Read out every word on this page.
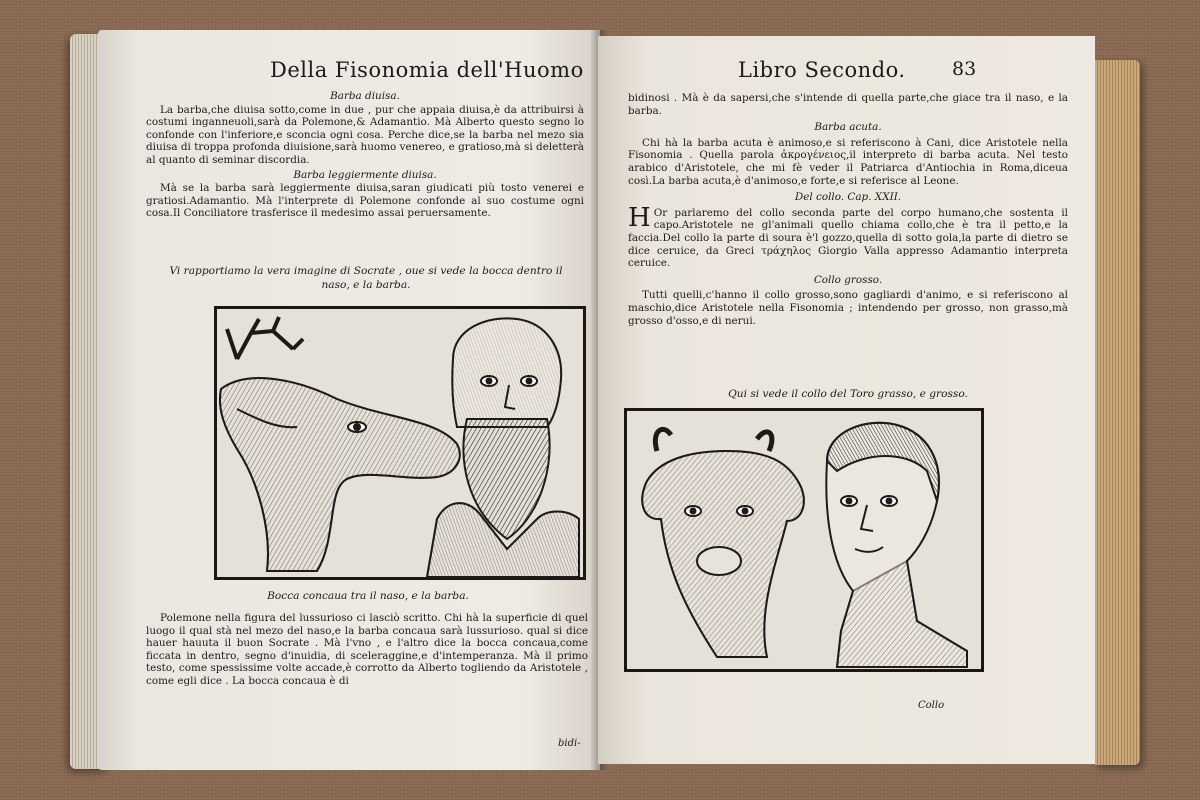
Della Fisonomia dell'Huomo
Barba diuisa.

La barba,che diuisa sotto,come in due , pur che appaia diuisa,è da attribuirsi à costumi inganneuoli,sarà da Polemone,& Adamantio. Mà Alberto questo segno lo confonde con l'inferiore,e sconcia ogni cosa. Perche dice,se la barba nel mezo sia diuisa di troppa profonda diuisione,sarà huomo venereo, e gratioso,mà si deletterà al quanto di seminar discordia.

Barba leggiermente diuisa.

Mà se la barba sarà leggiermente diuisa,saran giudicati più tosto venerei e gratiosi.Adamantio. Mà l'interprete di Polemone confonde al suo costume ogni cosa.Il Conciliatore trasferisce il medesimo assai peruersamente.

Vi rapportiamo la vera imagine di Socrate , oue si vede la bocca dentro il naso, e la barba.
Bocca concaua tra il naso, e la barba.

Polemone nella figura del lussurioso ci lasciò scritto. Chi hà la superficie di quel luogo il qual stà nel mezo del naso,e la barba concaua sarà lussurioso. qual si dice hauer hauuta il buon Socrate . Mà l'vno , e l'altro dice la bocca concaua,come ficcata in dentro, segno d'inuidia, di sceleraggine,e d'intemperanza. Mà il primo testo, come spessissime volte accade,è corrotto da Alberto togliendo da Aristotele , come egli dice . La bocca concaua è di

bidi-
Libro Secondo. 83

bidinosi . Mà è da sapersi,che s'intende di quella parte,che giace tra il naso, e la barba.

Barba acuta.

Chi hà la barba acuta è animoso,e si referiscono à Cani, dice Aristotele nella Fisonomia . Quella parola ἀκρογένειος,il interpreto di barba acuta. Nel testo arabico d'Aristotele, che mi fè veder il Patriarca d'Antiochia in Roma,diceua così.La barba acuta,è d'animoso,e forte,e si referisce al Leone.

Del collo. Cap. XXII.

H Or parlaremo del collo seconda parte del corpo humano,che sostenta il capo.Aristotele ne gl'animali quello chiama collo,che è tra il petto,e la faccia.Del collo la parte di soura è'l gozzo,quella di sotto gola,la parte di dietro se dice ceruice, da Greci τράχηλος Giorgio Valla appresso Adamantio interpreta ceruice.

Collo grosso.

Tutti quelli,c'hanno il collo grosso,sono gagliardi d'animo, e si referiscono al maschio,dice Aristotele nella Fisonomia ; intendendo per grosso, non grasso,mà grosso d'osso,e di nerui.

Qui si vede il collo del Toro grasso, e grosso.
Collo
